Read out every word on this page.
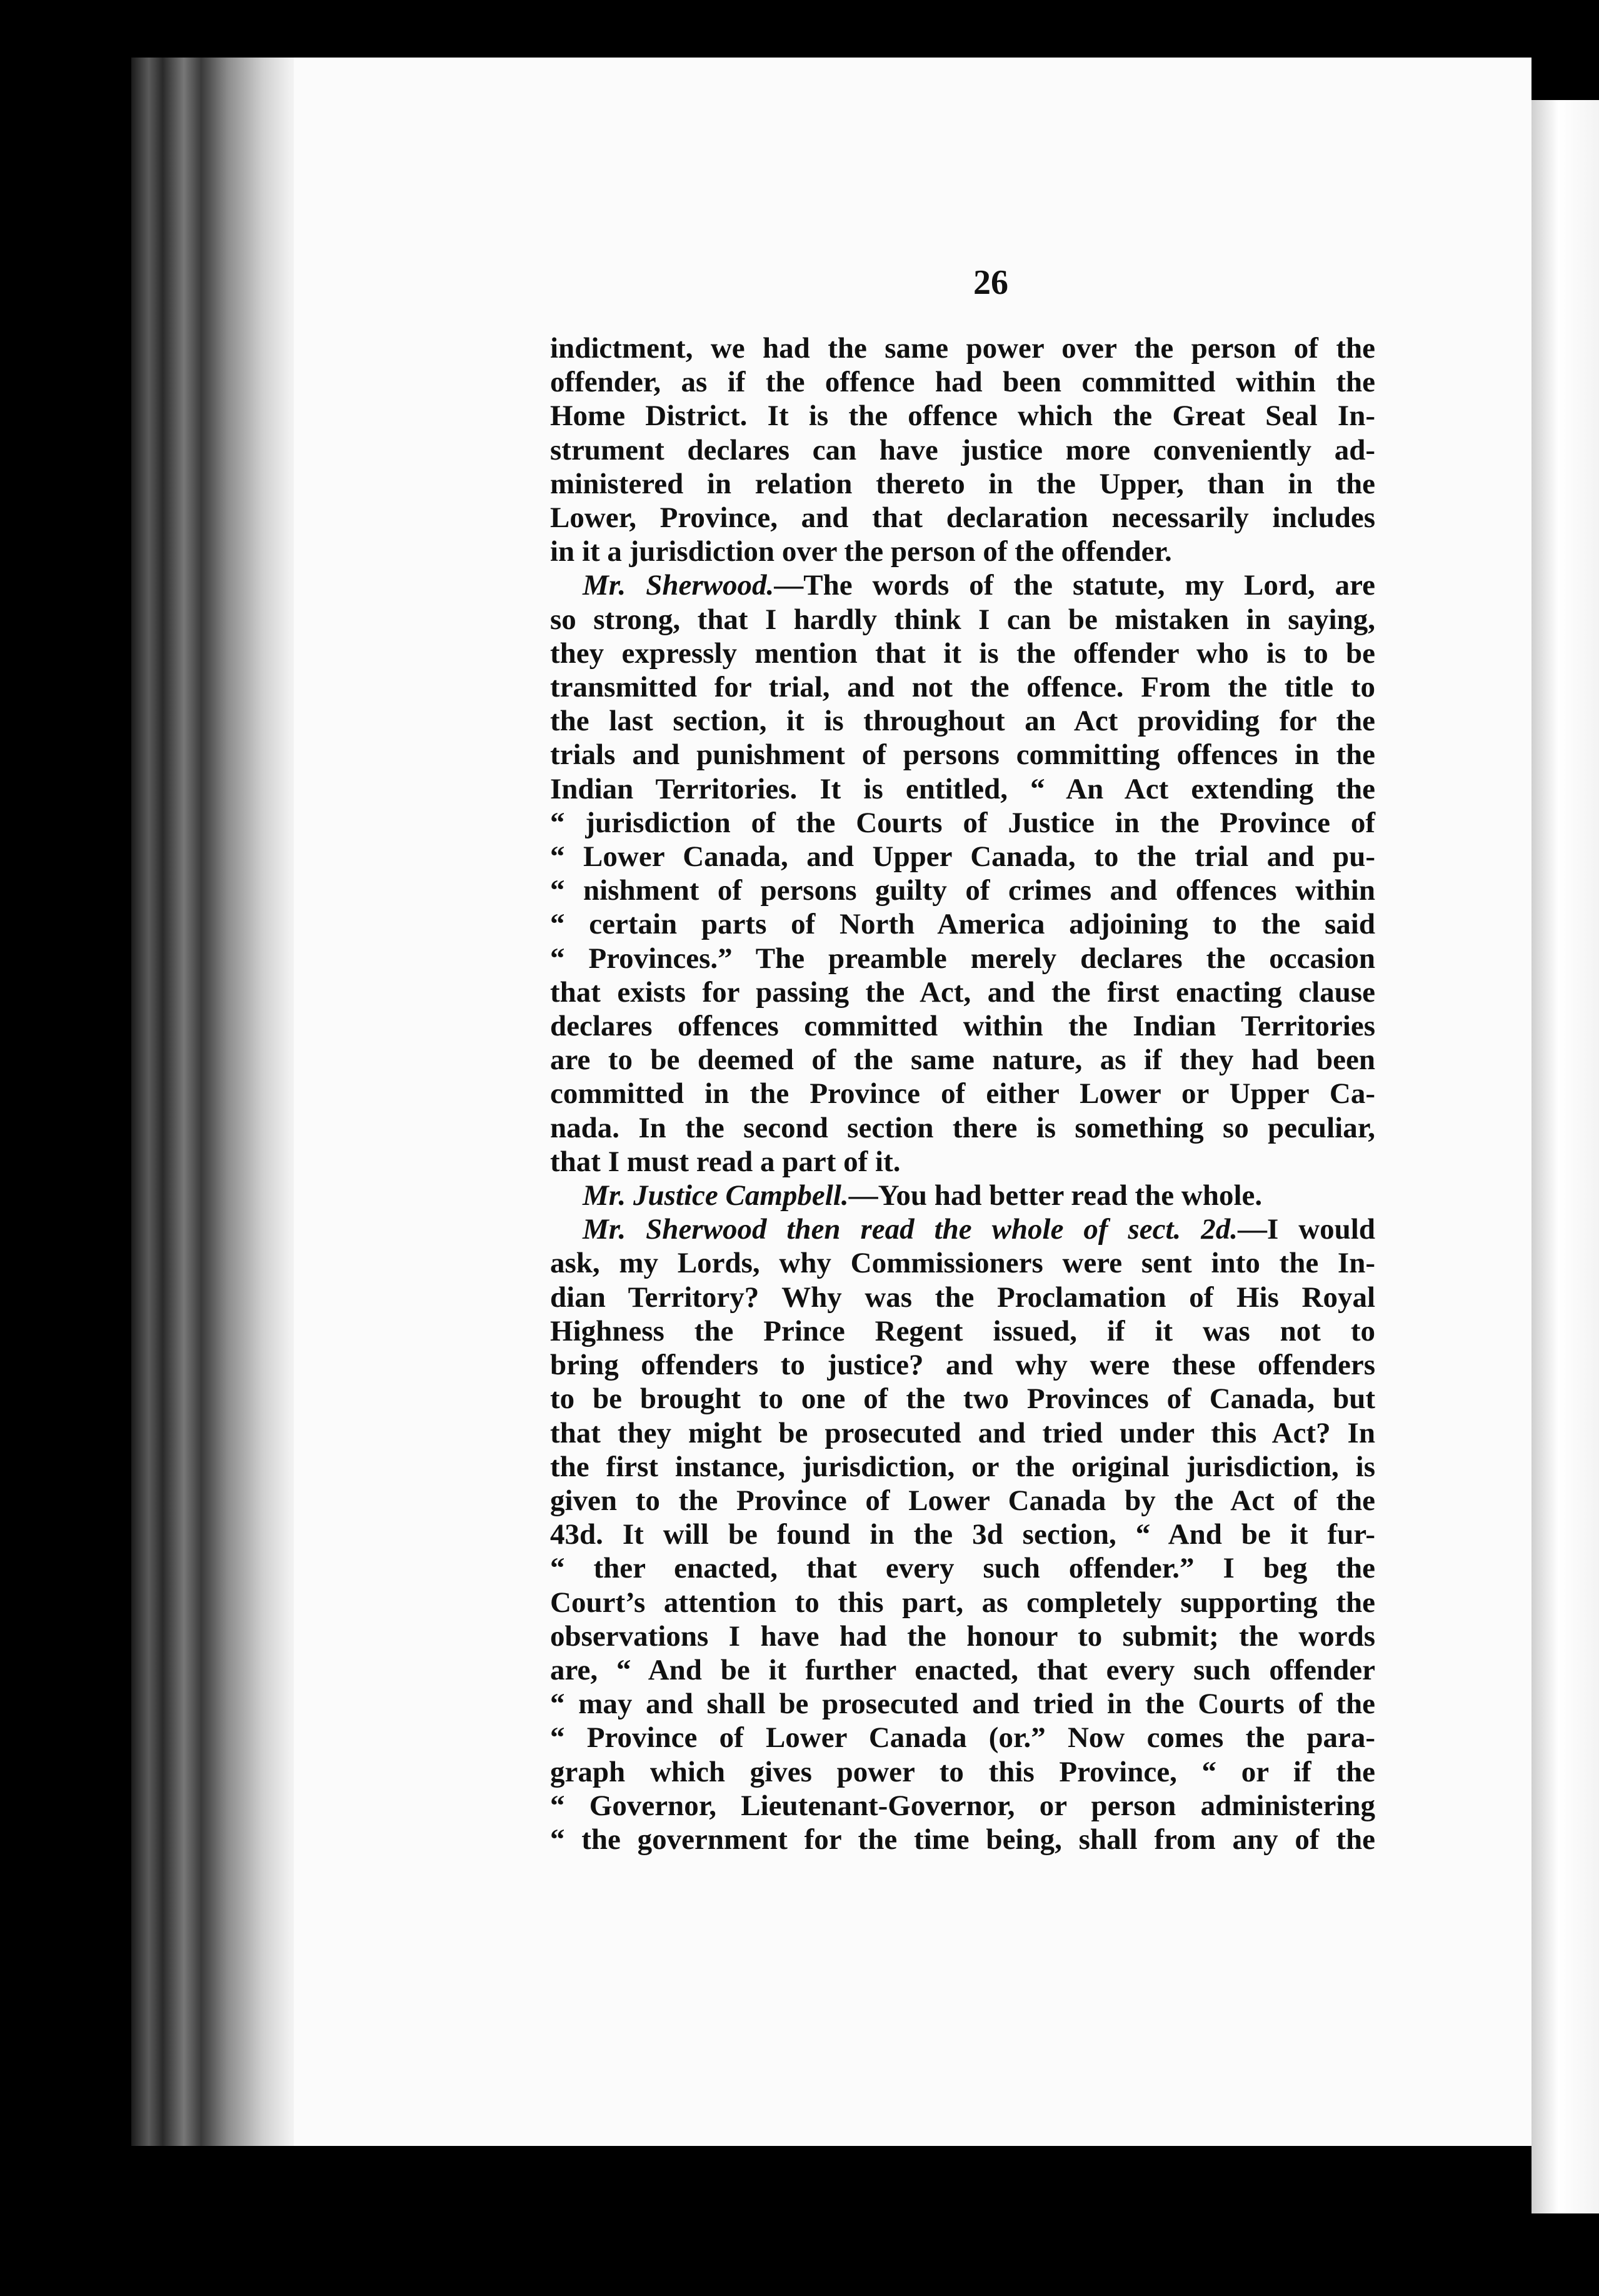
26
indictment, we had the same power over the person of the
offender, as if the offence had been committed within the
Home District. It is the offence which the Great Seal In-
strument declares can have justice more conveniently ad-
ministered in relation thereto in the Upper, than in the
Lower, Province, and that declaration necessarily includes
in it a jurisdiction over the person of the offender.
Mr. Sherwood.—The words of the statute, my Lord, are
so strong, that I hardly think I can be mistaken in saying,
they expressly mention that it is the offender who is to be
transmitted for trial, and not the offence. From the title to
the last section, it is throughout an Act providing for the
trials and punishment of persons committing offences in the
Indian Territories. It is entitled, “ An Act extending the
“ jurisdiction of the Courts of Justice in the Province of
“ Lower Canada, and Upper Canada, to the trial and pu-
“ nishment of persons guilty of crimes and offences within
“ certain parts of North America adjoining to the said
“ Provinces.” The preamble merely declares the occasion
that exists for passing the Act, and the first enacting clause
declares offences committed within the Indian Territories
are to be deemed of the same nature, as if they had been
committed in the Province of either Lower or Upper Ca-
nada. In the second section there is something so peculiar,
that I must read a part of it.
Mr. Justice Campbell.—You had better read the whole.
Mr. Sherwood then read the whole of sect. 2d.—I would
ask, my Lords, why Commissioners were sent into the In-
dian Territory? Why was the Proclamation of His Royal
Highness the Prince Regent issued, if it was not to
bring offenders to justice? and why were these offenders
to be brought to one of the two Provinces of Canada, but
that they might be prosecuted and tried under this Act? In
the first instance, jurisdiction, or the original jurisdiction, is
given to the Province of Lower Canada by the Act of the
43d. It will be found in the 3d section, “ And be it fur-
“ ther enacted, that every such offender.” I beg the
Court’s attention to this part, as completely supporting the
observations I have had the honour to submit; the words
are, “ And be it further enacted, that every such offender
“ may and shall be prosecuted and tried in the Courts of the
“ Province of Lower Canada (or.” Now comes the para-
graph which gives power to this Province, “ or if the
“ Governor, Lieutenant-Governor, or person administering
“ the government for the time being, shall from any of the
